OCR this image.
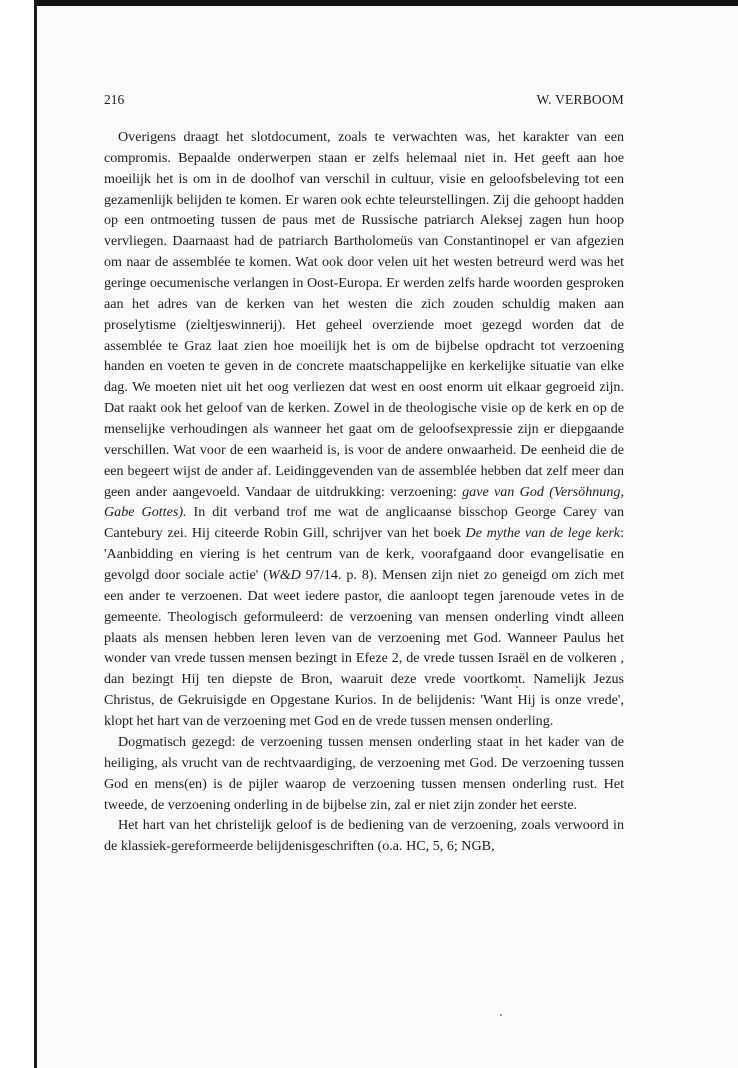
216	W. VERBOOM

Overigens draagt het slotdocument, zoals te verwachten was, het karakter van een compromis. Bepaalde onderwerpen staan er zelfs helemaal niet in. Het geeft aan hoe moeilijk het is om in de doolhof van verschil in cultuur, visie en geloofsbeleving tot een gezamenlijk belijden te komen. Er waren ook echte teleurstellingen. Zij die gehoopt hadden op een ontmoeting tussen de paus met de Russische patriarch Aleksej zagen hun hoop vervliegen. Daarnaast had de patriarch Bartholomeüs van Constantinopel er van afgezien om naar de assemblée te komen. Wat ook door velen uit het westen betreurd werd was het geringe oecumenische verlangen in Oost-Europa. Er werden zelfs harde woorden gesproken aan het adres van de kerken van het westen die zich zouden schuldig maken aan proselytisme (zieltjeswinnerij). Het geheel overziende moet gezegd worden dat de assemblée te Graz laat zien hoe moeilijk het is om de bijbelse opdracht tot verzoening handen en voeten te geven in de concrete maatschappelijke en kerkelijke situatie van elke dag. We moeten niet uit het oog verliezen dat west en oost enorm uit elkaar gegroeid zijn. Dat raakt ook het geloof van de kerken. Zowel in de theologische visie op de kerk en op de menselijke verhoudingen als wanneer het gaat om de geloofsexpressie zijn er diepgaande verschillen. Wat voor de een waarheid is, is voor de andere onwaarheid. De eenheid die de een begeert wijst de ander af. Leidinggevenden van de assemblée hebben dat zelf meer dan geen ander aangevoeld. Vandaar de uitdrukking: verzoening: gave van God (Versöhnung, Gabe Gottes). In dit verband trof me wat de anglicaanse bisschop George Carey van Cantebury zei. Hij citeerde Robin Gill, schrijver van het boek De mythe van de lege kerk: 'Aanbidding en viering is het centrum van de kerk, voorafgaand door evangelisatie en gevolgd door sociale actie' (W&D 97/14. p. 8). Mensen zijn niet zo geneigd om zich met een ander te verzoenen. Dat weet iedere pastor, die aanloopt tegen jarenoude vetes in de gemeente. Theologisch geformuleerd: de verzoening van mensen onderling vindt alleen plaats als mensen hebben leren leven van de verzoening met God. Wanneer Paulus het wonder van vrede tussen mensen bezingt in Efeze 2, de vrede tussen Israël en de volkeren , dan bezingt Hij ten diepste de Bron, waaruit deze vrede voortkomt. Namelijk Jezus Christus, de Gekruisigde en Opgestane Kurios. In de belijdenis: 'Want Hij is onze vrede', klopt het hart van de verzoening met God en de vrede tussen mensen onderling.

Dogmatisch gezegd: de verzoening tussen mensen onderling staat in het kader van de heiliging, als vrucht van de rechtvaardiging, de verzoening met God. De verzoening tussen God en mens(en) is de pijler waarop de verzoening tussen mensen onderling rust. Het tweede, de verzoening onderling in de bijbelse zin, zal er niet zijn zonder het eerste.

Het hart van het christelijk geloof is de bediening van de verzoening, zoals verwoord in de klassiek-gereformeerde belijdenisgeschriften (o.a. HC, 5, 6; NGB,
